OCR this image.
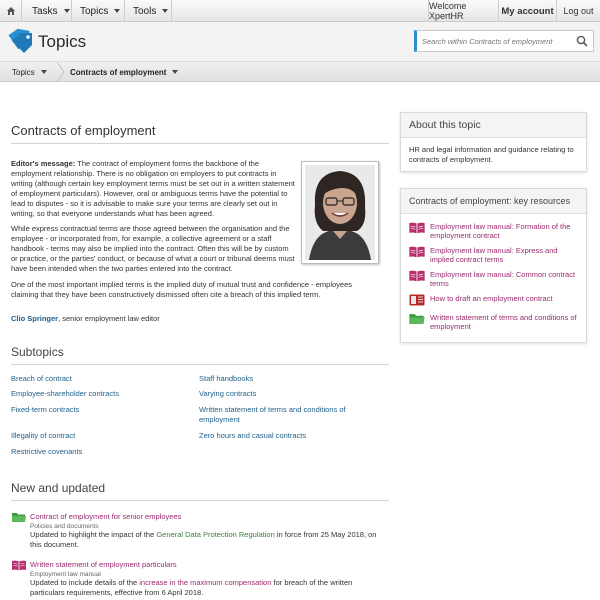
Tasks Topics Tools	Welcome XpertHR	My account	Log out
Topics
Search within Contracts of employment
Topics	Contracts of employment
Contracts of employment
Editor's message: The contract of employment forms the backbone of the employment relationship. There is no obligation on employers to put contracts in writing (although certain key employment terms must be set out in a written statement of employment particulars). However, oral or ambiguous terms have the potential to lead to disputes - so it is advisable to make sure your terms are clearly set out in writing, so that everyone understands what has been agreed.
While express contractual terms are those agreed between the organisation and the employee - or incorporated from, for example, a collective agreement or a staff handbook - terms may also be implied into the contract. Often this will be by custom or practice, or the parties' conduct, or because of what a court or tribunal deems must have been intended when the two parties entered into the contract.
One of the most important implied terms is the implied duty of mutual trust and confidence - employees claiming that they have been constructively dismissed often cite a breach of this implied term.
Clio Springer, senior employment law editor
Subtopics
Breach of contract
Employee-shareholder contracts
Fixed-term contracts
Illegality of contract
Restrictive covenants
Staff handbooks
Varying contracts
Written statement of terms and conditions of employment
Zero hours and casual contracts
New and updated
Contract of employment for senior employees
Policies and documents
Updated to highlight the impact of the General Data Protection Regulation in force from 25 May 2018, on this document.
Written statement of employment particulars
Employment law manual
Updated to include details of the increase in the maximum compensation for breach of the written particulars requirements, effective from 6 April 2018.
About this topic
HR and legal information and guidance relating to contracts of employment.
Contracts of employment: key resources
Employment law manual: Formation of the employment contract
Employment law manual: Express and implied contract terms
Employment law manual: Common contract terms
How to draft an employment contract
Written statement of terms and conditions of employment
